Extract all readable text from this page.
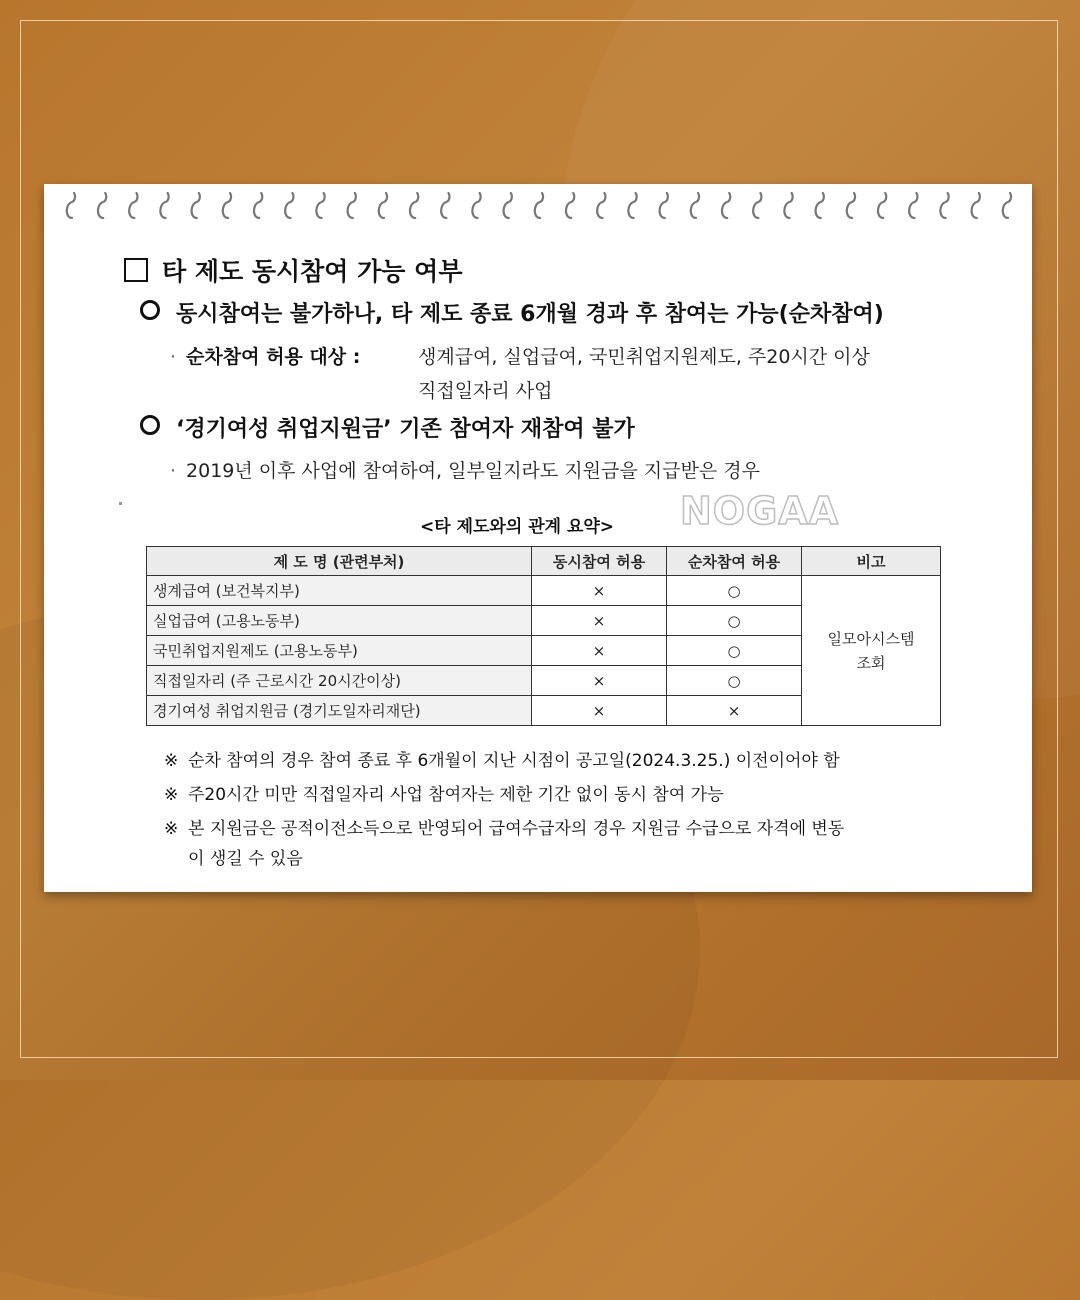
타 제도 동시참여 가능 여부
동시참여는 불가하나, 타 제도 종료 6개월 경과 후 참여는 가능(순차참여)
· 순차참여 허용 대상 :	생계급여, 실업급여, 국민취업지원제도, 주20시간 이상
직접일자리 사업
‘경기여성 취업지원금’ 기존 참여자 재참여 불가
· 2019년 이후 사업에 참여하여, 일부일지라도 지원금을 지급받은 경우
<타 제도와의 관계 요약> NOGAA
제 도 명 (관련부처)	동시참여 허용	순차참여 허용	비고
생계급여 (보건복지부)	×	○	일모아시스템
조회
실업급여 (고용노동부)	×	○	
국민취업지원제도 (고용노동부)	×	○	
직접일자리 (주 근로시간 20시간이상)	×	○	
경기여성 취업지원금 (경기도일자리재단)	×	×	
※ 순차 참여의 경우 참여 종료 후 6개월이 지난 시점이 공고일(2024.3.25.) 이전이어야 함
※ 주20시간 미만 직접일자리 사업 참여자는 제한 기간 없이 동시 참여 가능
※ 본 지원금은 공적이전소득으로 반영되어 급여수급자의 경우 지원금 수급으로 자격에 변동
이 생길 수 있음
